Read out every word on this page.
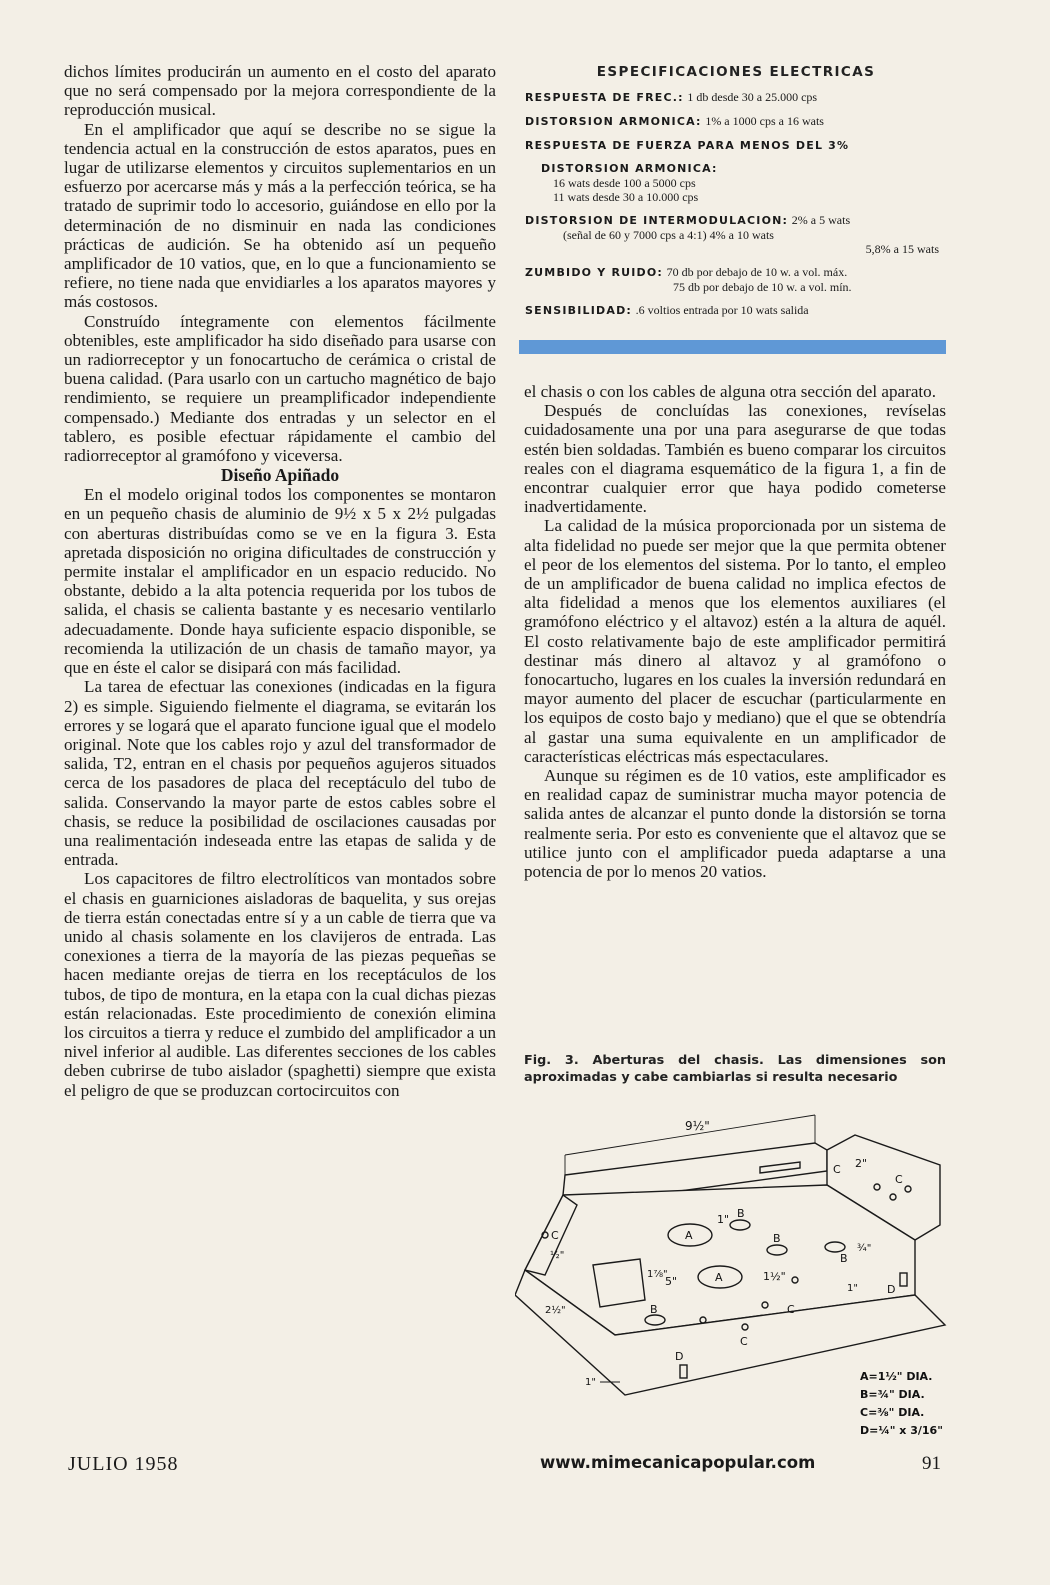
dichos límites producirán un aumento en el costo del aparato que no será compensado por la mejora correspondiente de la reproducción musical.

En el amplificador que aquí se describe no se sigue la tendencia actual en la construcción de estos aparatos, pues en lugar de utilizarse elementos y circuitos suplementarios en un esfuerzo por acercarse más y más a la perfección teórica, se ha tratado de suprimir todo lo accesorio, guiándose en ello por la determinación de no disminuir en nada las condiciones prácticas de audición. Se ha obtenido así un pequeño amplificador de 10 vatios, que, en lo que a funcionamiento se refiere, no tiene nada que envidiarles a los aparatos mayores y más costosos.

Construído íntegramente con elementos fácilmente obtenibles, este amplificador ha sido diseñado para usarse con un radiorreceptor y un fonocartucho de cerámica o cristal de buena calidad. (Para usarlo con un cartucho magnético de bajo rendimiento, se requiere un preamplificador independiente compensado.) Mediante dos entradas y un selector en el tablero, es posible efectuar rápidamente el cambio del radiorreceptor al gramófono y viceversa.

Diseño Apiñado

En el modelo original todos los componentes se montaron en un pequeño chasis de aluminio de 9½ x 5 x 2½ pulgadas con aberturas distribuídas como se ve en la figura 3. Esta apretada disposición no origina dificultades de construcción y permite instalar el amplificador en un espacio reducido. No obstante, debido a la alta potencia requerida por los tubos de salida, el chasis se calienta bastante y es necesario ventilarlo adecuadamente. Donde haya suficiente espacio disponible, se recomienda la utilización de un chasis de tamaño mayor, ya que en éste el calor se disipará con más facilidad.

La tarea de efectuar las conexiones (indicadas en la figura 2) es simple. Siguiendo fielmente el diagrama, se evitarán los errores y se logará que el aparato funcione igual que el modelo original. Note que los cables rojo y azul del transformador de salida, T2, entran en el chasis por pequeños agujeros situados cerca de los pasadores de placa del receptáculo del tubo de salida. Conservando la mayor parte de estos cables sobre el chasis, se reduce la posibilidad de oscilaciones causadas por una realimentación indeseada entre las etapas de salida y de entrada.

Los capacitores de filtro electrolíticos van montados sobre el chasis en guarniciones aisladoras de baquelita, y sus orejas de tierra están conectadas entre sí y a un cable de tierra que va unido al chasis solamente en los clavijeros de entrada. Las conexiones a tierra de la mayoría de las piezas pequeñas se hacen mediante orejas de tierra en los receptáculos de los tubos, de tipo de montura, en la etapa con la cual dichas piezas están relacionadas. Este procedimiento de conexión elimina los circuitos a tierra y reduce el zumbido del amplificador a un nivel inferior al audible. Las diferentes secciones de los cables deben cubrirse de tubo aislador (spaghetti) siempre que exista el peligro de que se produzcan cortocircuitos con

ESPECIFICACIONES ELECTRICAS
RESPUESTA DE FREC.: 1 db desde 30 a 25.000 cps
DISTORSION ARMONICA: 1% a 1000 cps a 16 wats
RESPUESTA DE FUERZA PARA MENOS DEL 3%
DISTORSION ARMONICA:
16 wats desde 100 a 5000 cps
11 wats desde 30 a 10.000 cps
DISTORSION DE INTERMODULACION: 2% a 5 wats
(señal de 60 y 7000 cps a 4:1) 4% a 10 wats
5,8% a 15 wats
ZUMBIDO Y RUIDO: 70 db por debajo de 10 w. a vol. máx.
75 db por debajo de 10 w. a vol. mín.
SENSIBILIDAD: .6 voltios entrada por 10 wats salida

el chasis o con los cables de alguna otra sección del aparato.

Después de concluídas las conexiones, revíselas cuidadosamente una por una para asegurarse de que todas estén bien soldadas. También es bueno comparar los circuitos reales con el diagrama esquemático de la figura 1, a fin de encontrar cualquier error que haya podido cometerse inadvertidamente.

La calidad de la música proporcionada por un sistema de alta fidelidad no puede ser mejor que la que permita obtener el peor de los elementos del sistema. Por lo tanto, el empleo de un amplificador de buena calidad no implica efectos de alta fidelidad a menos que los elementos auxiliares (el gramófono eléctrico y el altavoz) estén a la altura de aquél. El costo relativamente bajo de este amplificador permitirá destinar más dinero al altavoz y al gramófono o fonocartucho, lugares en los cuales la inversión redundará en mayor aumento del placer de escuchar (particularmente en los equipos de costo bajo y mediano) que el que se obtendría al gastar una suma equivalente en un amplificador de características eléctricas más espectaculares.

Aunque su régimen es de 10 vatios, este amplificador es en realidad capaz de suministrar mucha mayor potencia de salida antes de alcanzar el punto donde la distorsión se torna realmente seria. Por esto es conveniente que el altavoz que se utilice junto con el amplificador pueda adaptarse a una potencia de por lo menos 20 vatios.

Fig. 3. Aberturas del chasis. Las dimensiones son aproximadas y cabe cambiarlas si resulta necesario
9½"
C 2"
C
C
½"
A
A
5"	1½"
1" B
B
B
B
¾"
C
C
1"
1⅞"
2½"
D
D
1"	A=1½" DIA.
B=¾" DIA.
C=⅜" DIA.
D=¼" x 3/16"
JULIO 1958	www.mimecanicapopular.com	91
